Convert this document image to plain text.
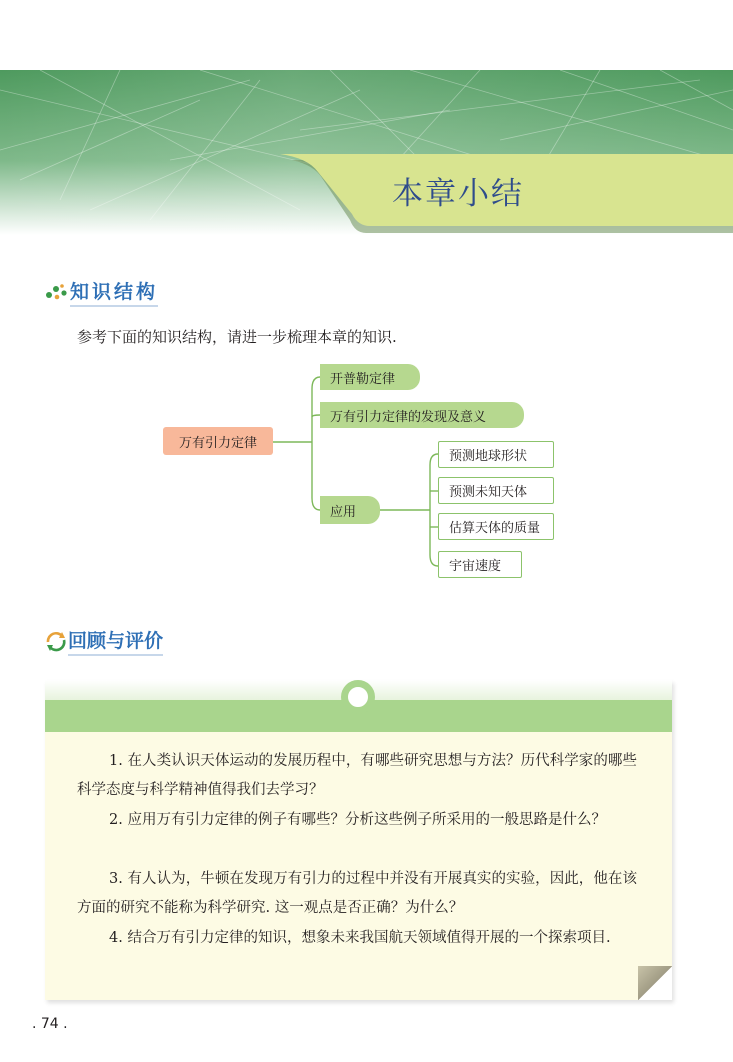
本章小结
知识结构
参考下面的知识结构，请进一步梳理本章的知识.
万有引力定律
开普勒定律
万有引力定律的发现及意义
应用
预测地球形状
预测未知天体
估算天体的质量
宇宙速度
回顾与评价
1. 在人类认识天体运动的发展历程中，有哪些研究思想与方法？历代科学家的哪些科学态度与科学精神值得我们去学习？
2. 应用万有引力定律的例子有哪些？分析这些例子所采用的一般思路是什么？
3. 有人认为，牛顿在发现万有引力的过程中并没有开展真实的实验，因此，他在该方面的研究不能称为科学研究. 这一观点是否正确？为什么？
4. 结合万有引力定律的知识，想象未来我国航天领域值得开展的一个探索项目.
. 74 .
